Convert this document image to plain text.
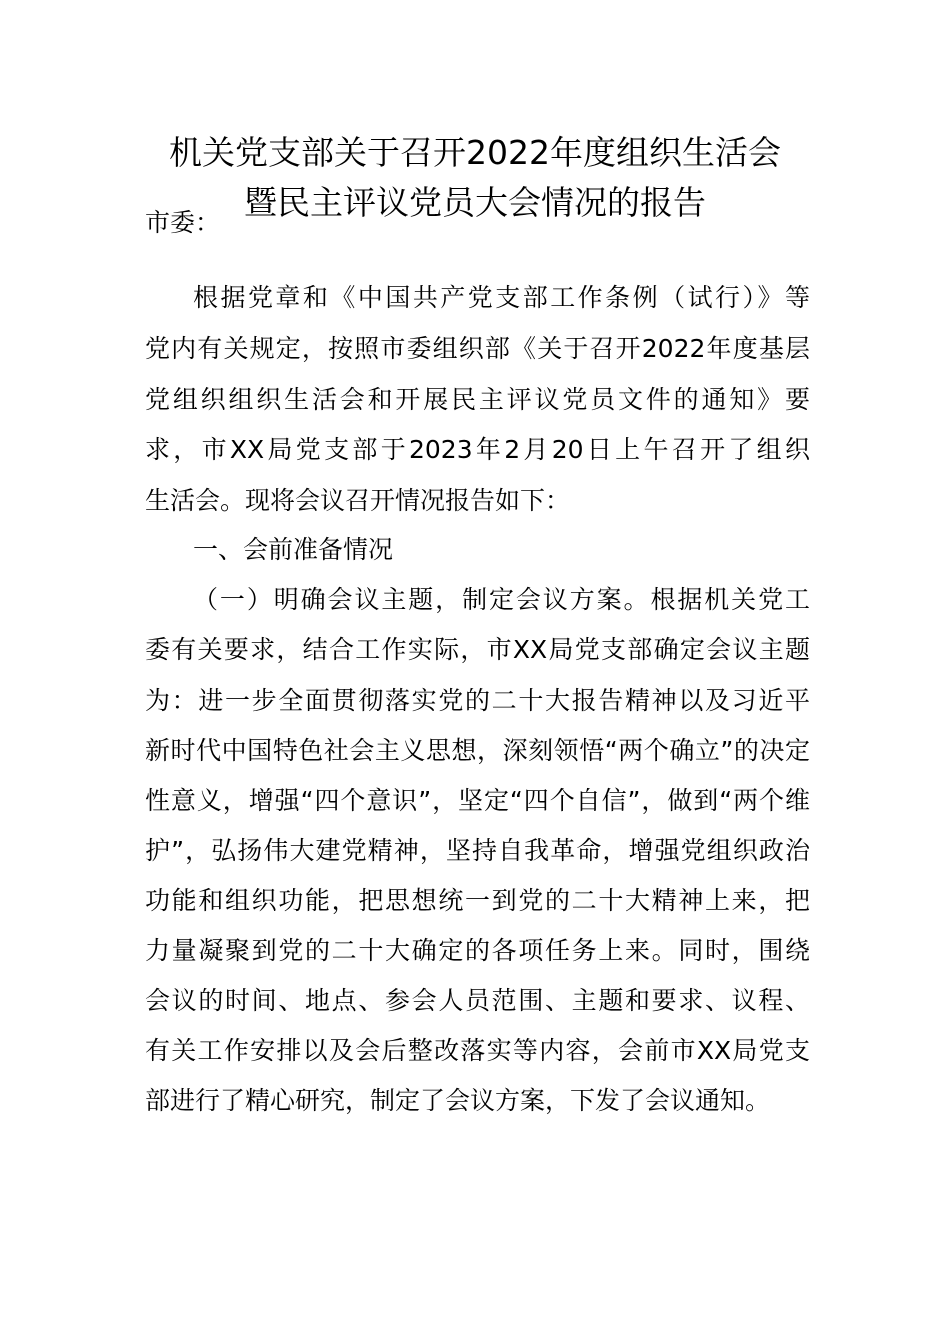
机关党支部关于召开2022年度组织生活会
暨民主评议党员大会情况的报告
市委：
根据党章和《中国共产党支部工作条例（试行）》等
党内有关规定，按照市委组织部《关于召开2022年度基层
党组织组织生活会和开展民主评议党员文件的通知》要
求，市XX局党支部于2023年2月20日上午召开了组织
生活会。现将会议召开情况报告如下：
一、会前准备情况
（一）明确会议主题，制定会议方案。根据机关党工
委有关要求，结合工作实际，市XX局党支部确定会议主题
为：进一步全面贯彻落实党的二十大报告精神以及习近平
新时代中国特色社会主义思想，深刻领悟“两个确立”的决定
性意义，增强“四个意识”，坚定“四个自信”，做到“两个维
护”，弘扬伟大建党精神，坚持自我革命，增强党组织政治
功能和组织功能，把思想统一到党的二十大精神上来，把
力量凝聚到党的二十大确定的各项任务上来。同时，围绕
会议的时间、地点、参会人员范围、主题和要求、议程、
有关工作安排以及会后整改落实等内容，会前市XX局党支
部进行了精心研究，制定了会议方案，下发了会议通知。
